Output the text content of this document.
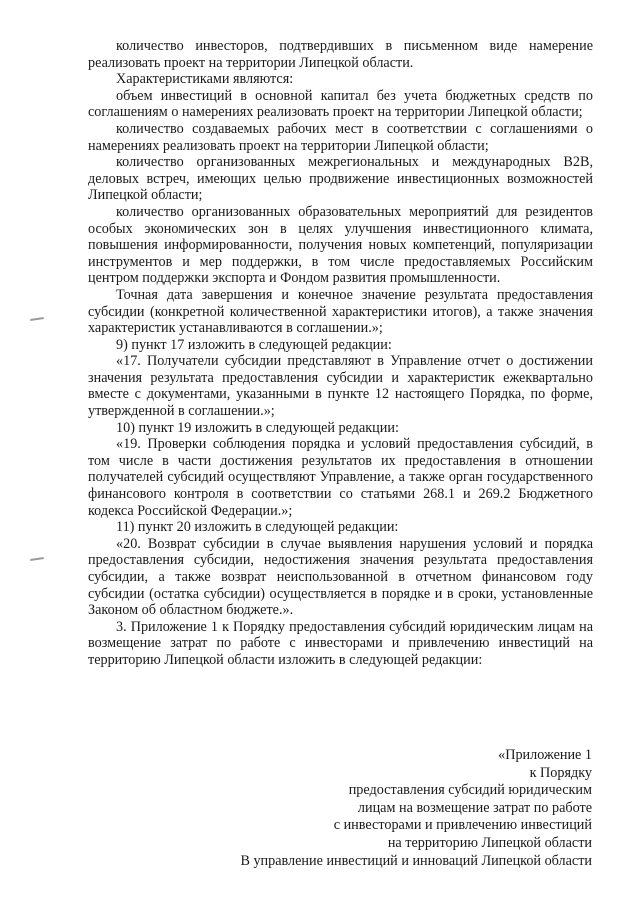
количество инвесторов, подтвердивших в письменном виде намерение реализовать проект на территории Липецкой области.

Характеристиками являются:

объем инвестиций в основной капитал без учета бюджетных средств по соглашениям о намерениях реализовать проект на территории Липецкой области;

количество создаваемых рабочих мест в соответствии с соглашениями о намерениях реализовать проект на территории Липецкой области;

количество организованных межрегиональных и международных B2B, деловых встреч, имеющих целью продвижение инвестиционных возможностей Липецкой области;

количество организованных образовательных мероприятий для резидентов особых экономических зон в целях улучшения инвестиционного климата, повышения информированности, получения новых компетенций, популяризации инструментов и мер поддержки, в том числе предоставляемых Российским центром поддержки экспорта и Фондом развития промышленности.

Точная дата завершения и конечное значение результата предоставления субсидии (конкретной количественной характеристики итогов), а также значения характеристик устанавливаются в соглашении.»;

9) пункт 17 изложить в следующей редакции:

«17. Получатели субсидии представляют в Управление отчет о достижении значения результата предоставления субсидии и характеристик ежеквартально вместе с документами, указанными в пункте 12 настоящего Порядка, по форме, утвержденной в соглашении.»;

10) пункт 19 изложить в следующей редакции:

«19. Проверки соблюдения порядка и условий предоставления субсидий, в том числе в части достижения результатов их предоставления в отношении получателей субсидий осуществляют Управление, а также орган государственного финансового контроля в соответствии со статьями 268.1 и 269.2 Бюджетного кодекса Российской Федерации.»;

11) пункт 20 изложить в следующей редакции:

«20. Возврат субсидии в случае выявления нарушения условий и порядка предоставления субсидии, недостижения значения результата предоставления субсидии, а также возврат неиспользованной в отчетном финансовом году субсидии (остатка субсидии) осуществляется в порядке и в сроки, установленные Законом об областном бюджете.».

3. Приложение 1 к Порядку предоставления субсидий юридическим лицам на возмещение затрат по работе с инвесторами и привлечению инвестиций на территорию Липецкой области изложить в следующей редакции:

«Приложение 1
к Порядку
предоставления субсидий юридическим
лицам на возмещение затрат по работе
с инвесторами и привлечению инвестиций
на территорию Липецкой области
В управление инвестиций и инноваций Липецкой области
